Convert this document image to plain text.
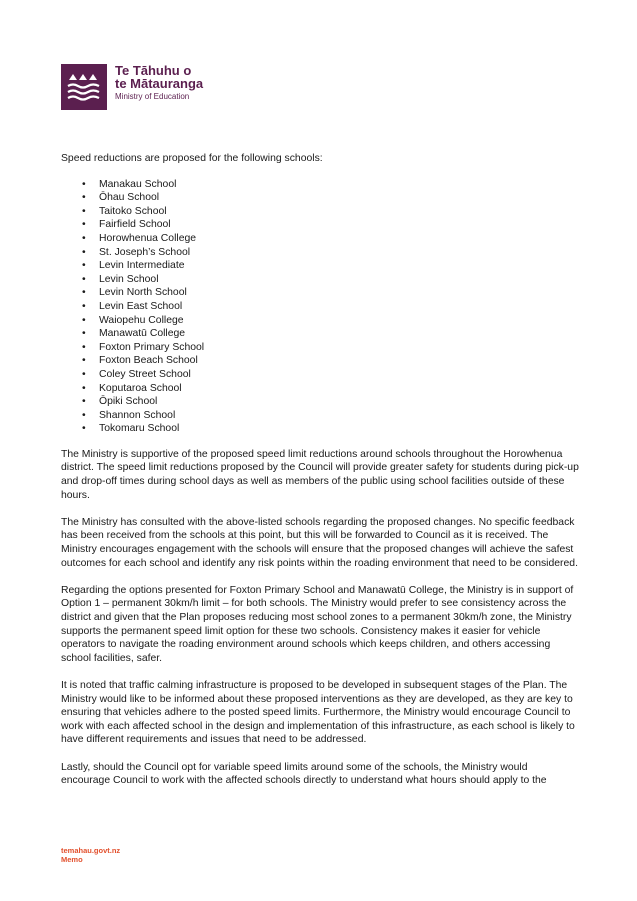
Te Tāhuhu o
te Mātauranga
Ministry of Education

Speed reductions are proposed for the following schools:

• Manakau School
• Ōhau School
• Taitoko School
• Fairfield School
• Horowhenua College
• St. Joseph’s School
• Levin Intermediate
• Levin School
• Levin North School
• Levin East School
• Waiopehu College
• Manawatū College
• Foxton Primary School
• Foxton Beach School
• Coley Street School
• Koputaroa School
• Ōpiki School
• Shannon School
• Tokomaru School

The Ministry is supportive of the proposed speed limit reductions around schools throughout the Horowhenua district. The speed limit reductions proposed by the Council will provide greater safety for students during pick-up and drop-off times during school days as well as members of the public using school facilities outside of these hours.

The Ministry has consulted with the above-listed schools regarding the proposed changes. No specific feedback has been received from the schools at this point, but this will be forwarded to Council as it is received. The Ministry encourages engagement with the schools will ensure that the proposed changes will achieve the safest outcomes for each school and identify any risk points within the roading environment that need to be considered.

Regarding the options presented for Foxton Primary School and Manawatū College, the Ministry is in support of Option 1 – permanent 30km/h limit – for both schools. The Ministry would prefer to see consistency across the district and given that the Plan proposes reducing most school zones to a permanent 30km/h zone, the Ministry supports the permanent speed limit option for these two schools. Consistency makes it easier for vehicle operators to navigate the roading environment around schools which keeps children, and others accessing school facilities, safer.

It is noted that traffic calming infrastructure is proposed to be developed in subsequent stages of the Plan. The Ministry would like to be informed about these proposed interventions as they are developed, as they are key to ensuring that vehicles adhere to the posted speed limits. Furthermore, the Ministry would encourage Council to work with each affected school in the design and implementation of this infrastructure, as each school is likely to have different requirements and issues that need to be addressed.

Lastly, should the Council opt for variable speed limits around some of the schools, the Ministry would encourage Council to work with the affected schools directly to understand what hours should apply to the

temahau.govt.nz
Memo
